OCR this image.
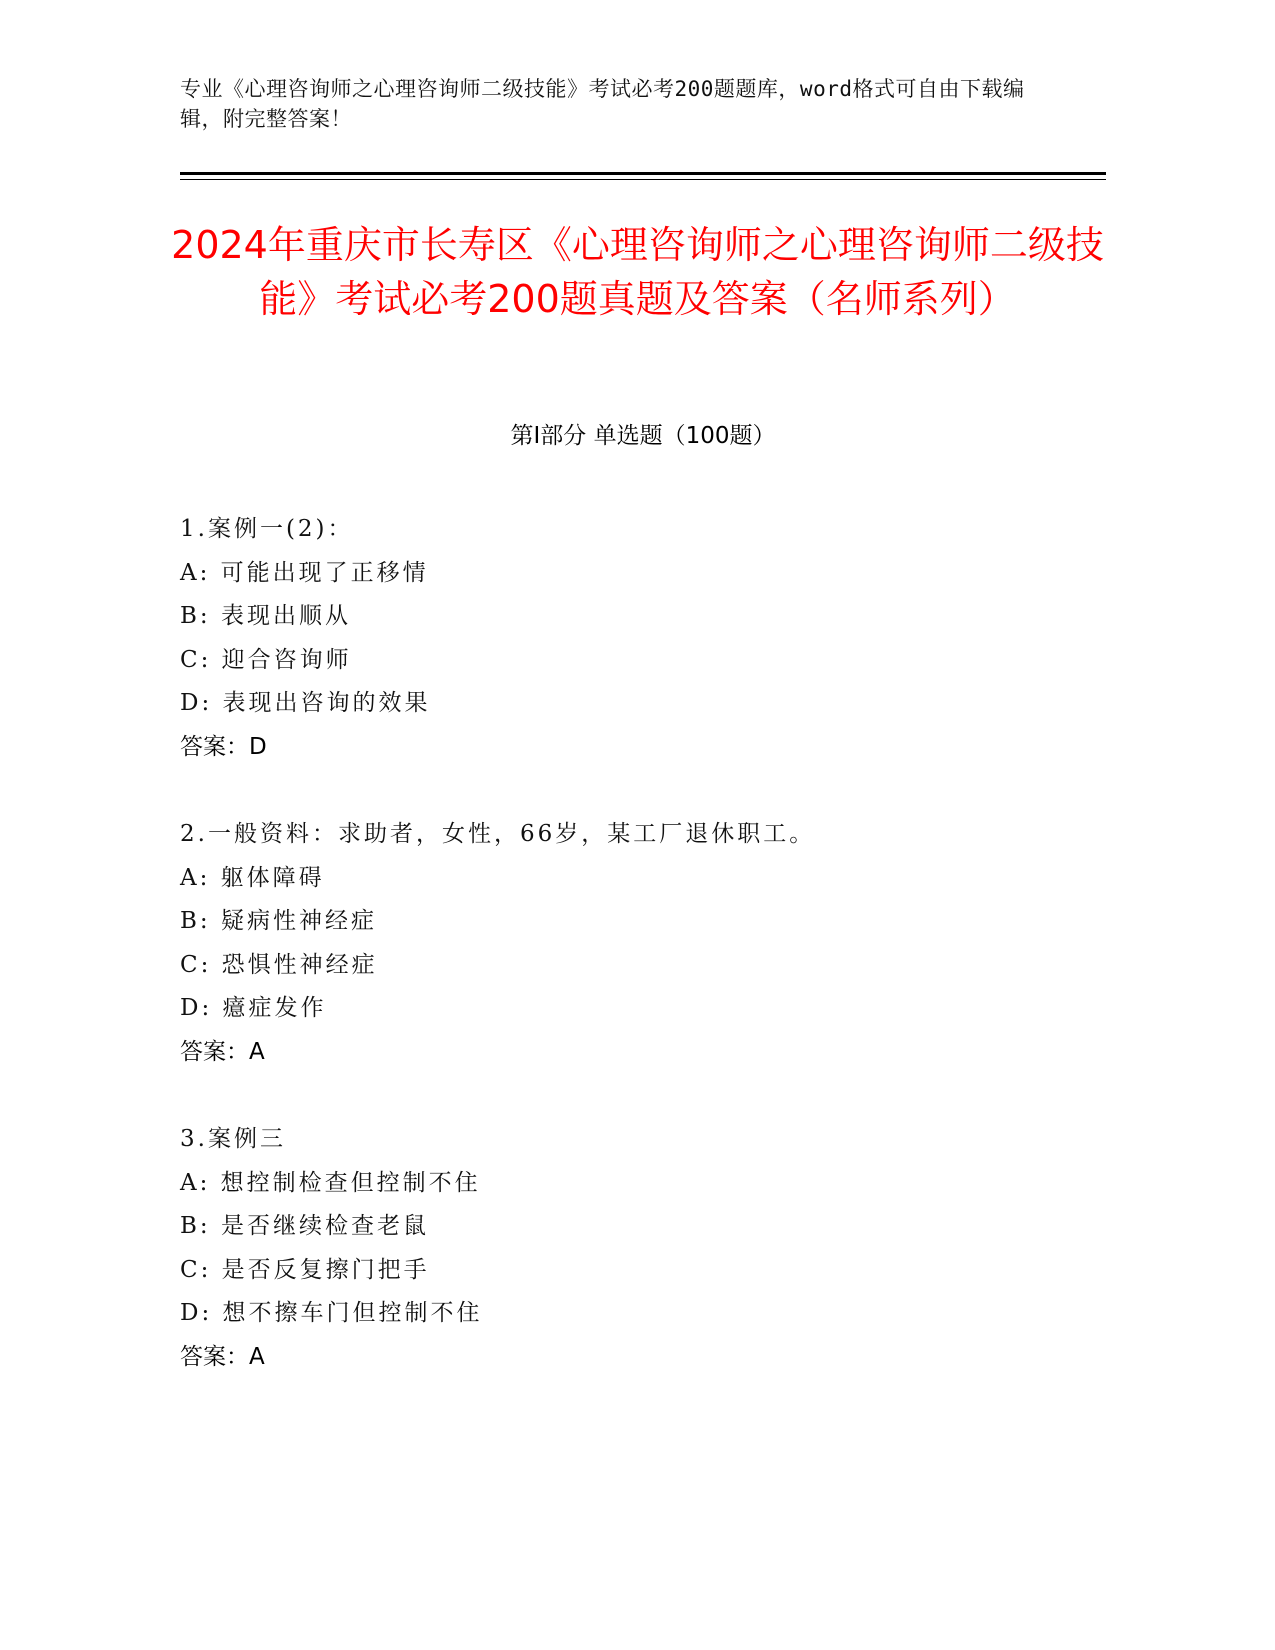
专业《心理咨询师之心理咨询师二级技能》考试必考200题题库，word格式可自由下载编辑，附完整答案！
2024年重庆市长寿区《心理咨询师之心理咨询师二级技能》考试必考200题真题及答案（名师系列）
第Ⅰ部分 单选题（100题）
1.案例一(2)：
A: 可能出现了正移情
B: 表现出顺从
C: 迎合咨询师
D: 表现出咨询的效果
答案：D
2.一般资料：求助者，女性，66岁，某工厂退休职工。
A: 躯体障碍
B: 疑病性神经症
C: 恐惧性神经症
D: 癔症发作
答案：A
3.案例三
A: 想控制检查但控制不住
B: 是否继续检查老鼠
C: 是否反复擦门把手
D: 想不擦车门但控制不住
答案：A
